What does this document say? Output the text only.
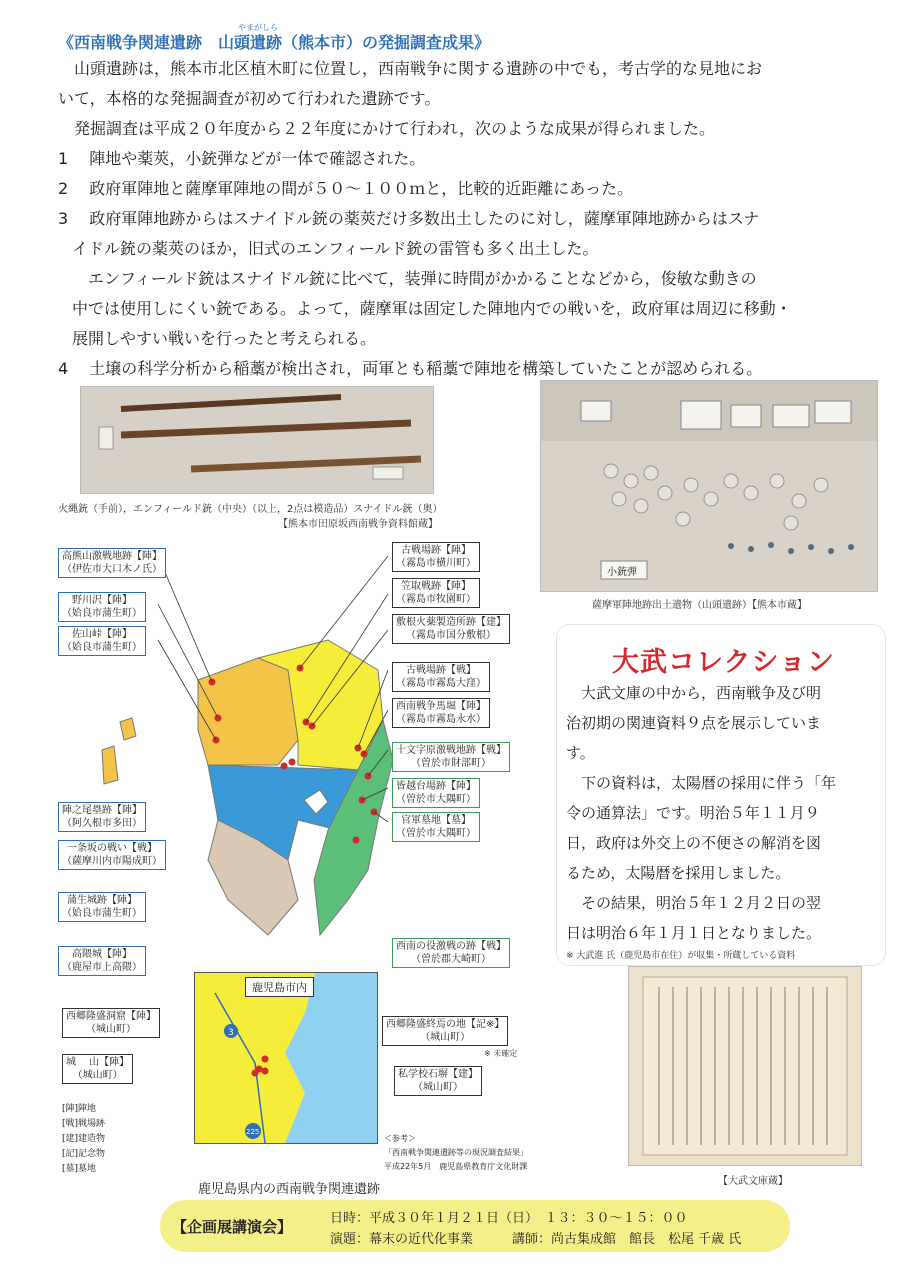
やまがしら
《西南戦争関連遺跡　山頭遺跡（熊本市）の発掘調査成果》
山頭遺跡は，熊本市北区植木町に位置し，西南戦争に関する遺跡の中でも，考古学的な見地にお
いて，本格的な発掘調査が初めて行われた遺跡です。
発掘調査は平成２０年度から２２年度にかけて行われ，次のような成果が得られました。
1　 陣地や薬莢，小銃弾などが一体で確認された。
2　 政府軍陣地と薩摩軍陣地の間が５０～１００ｍと，比較的近距離にあった。
3　 政府軍陣地跡からはスナイドル銃の薬莢だけ多数出土したのに対し，薩摩軍陣地跡からはスナ
イドル銃の薬莢のほか，旧式のエンフィールド銃の雷管も多く出土した。
エンフィールド銃はスナイドル銃に比べて，装弾に時間がかかることなどから，俊敏な動きの
中では使用しにくい銃である。よって，薩摩軍は固定した陣地内での戦いを，政府軍は周辺に移動・
展開しやすい戦いを行ったと考えられる。
4　 土壌の科学分析から稲藁が検出され，両軍とも稲藁で陣地を構築していたことが認められる。
火縄銃（手前），エンフィールド銃（中央）（以上，2点は模造品）スナイドル銃（奥）
【熊本市田原坂西南戦争資料館蔵】
小銃弾
薩摩軍陣地跡出土遺物（山頭遺跡）【熊本市蔵】
高熊山激戦地跡【陣】
（伊佐市大口木ノ氏）
野川沢【陣】
（姶良市蒲生町）
佐山峠【陣】
（姶良市蒲生町）
陣之尾塁跡【陣】
（阿久根市多田）
一条坂の戦い【戦】
（薩摩川内市陽成町）
蒲生城跡【陣】
（姶良市蒲生町）
高隈城【陣】
（鹿屋市上高隈）
古戦場跡【陣】
（霧島市横川町）
笠取戦跡【陣】
（霧島市牧園町）
敷根火薬製造所跡【建】
（霧島市国分敷根）
古戦場跡【戦】
（霧島市霧島大窪）
西南戦争馬堀【陣】
（霧島市霧島永水）
十文字原激戦地跡【戦】
（曽於市財部町）
皆越台場跡【陣】
（曽於市大隅町）
官軍墓地【墓】
（曽於市大隅町）
西南の役激戦の跡【戦】
（曽於郡大崎町）
3
225
鹿児島市内
西郷隆盛洞窟【陣】
（城山町）
城　 山【陣】
（城山町）
西郷隆盛終焉の地【記※】
（城山町）
※ 未確定
私学校石塀【建】
（城山町）
[陣]陣地
[戦]戦場跡
[建]建造物
[記]記念物
[墓]墓地
＜参考＞
「西南戦争関連遺跡等の現況調査結果」
平成22年5月　鹿児島県教育庁文化財課
鹿児島県内の西南戦争関連遺跡
大武コレクション
　大武文庫の中から，西南戦争及び明
治初期の関連資料９点を展示していま
す。
　下の資料は，太陽暦の採用に伴う「年
令の通算法」です。明治５年１１月９
日，政府は外交上の不便さの解消を図
るため，太陽暦を採用しました。
　その結果，明治５年１２月２日の翌
日は明治６年１月１日となりました。
※ 大武進 氏（鹿児島市在住）が収集・所蔵している資料
【大武文庫蔵】
【企画展講演会】	日時：平成３０年１月２１日（日）　１３：３０～１５：００
演題：幕末の近代化事業　　　講師：尚古集成館　館長　松尾 千歳 氏
